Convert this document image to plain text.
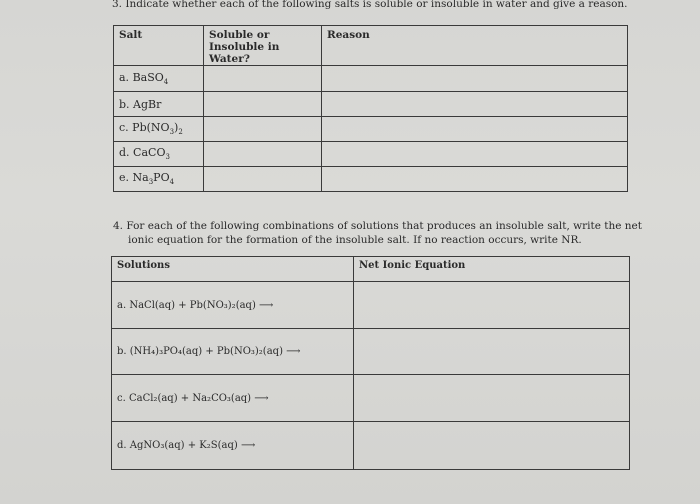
3. Indicate whether each of the following salts is soluble or insoluble in water and give a reason.
Salt	Soluble or Insoluble in Water?	Reason
a. BaSO$_4$		
b. AgBr		
c. $Pb(NO_3)_2$		
d. CaCO$_3$		
e. $Na_3PO_4$		
4. For each of the following combinations of solutions that produces an insoluble salt, write the net
ionic equation for the formation of the insoluble salt. If no reaction occurs, write NR.
Solutions	Net Ionic Equation
a. NaCl(aq) + Pb(NO₃)₂(aq) ⟶	
b. (NH₄)₃PO₄(aq) + Pb(NO₃)₂(aq) ⟶	
c. CaCl₂(aq) + Na₂CO₃(aq) ⟶	
d. AgNO₃(aq) + K₂S(aq) ⟶	
